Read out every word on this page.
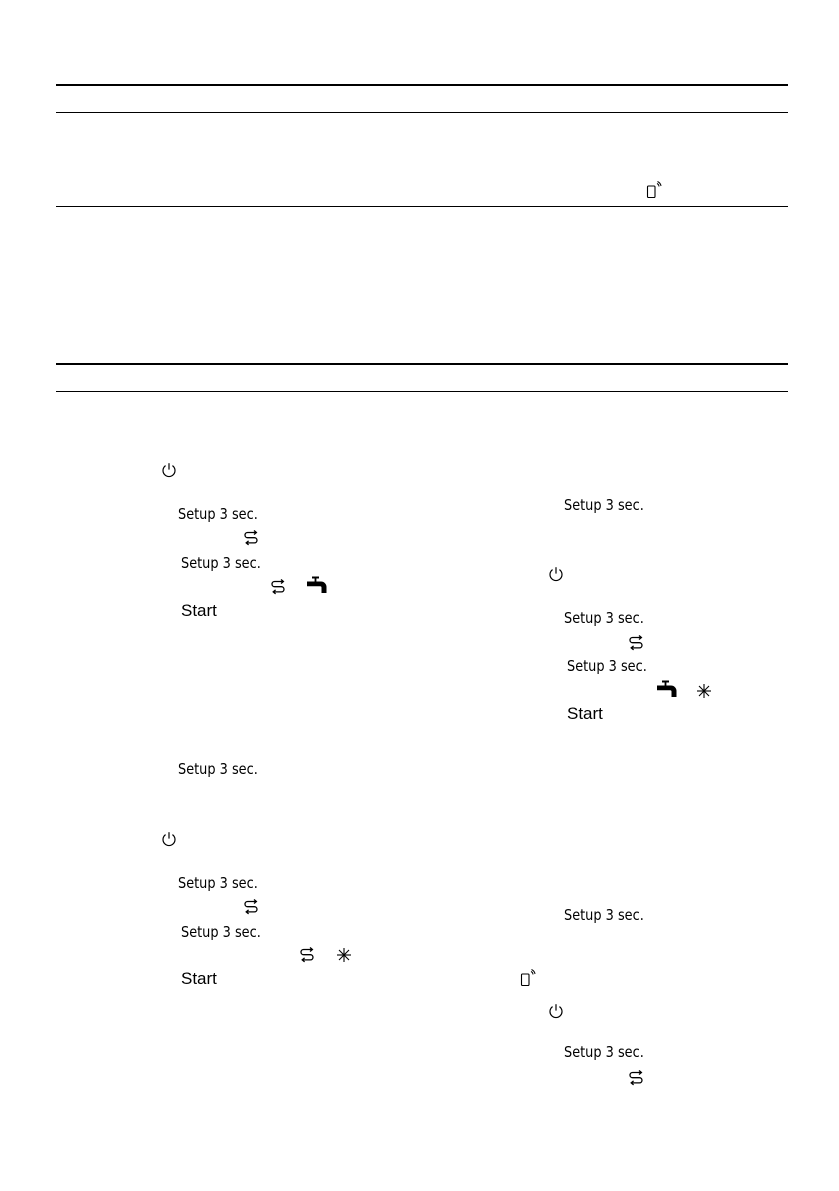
Setup 3 sec.
Setup 3 sec.
Start
Setup 3 sec.
Setup 3 sec.
Setup 3 sec.
Start
Setup 3 sec.
Setup 3 sec.
Setup 3 sec.
Start
Setup 3 sec.
Setup 3 sec.
